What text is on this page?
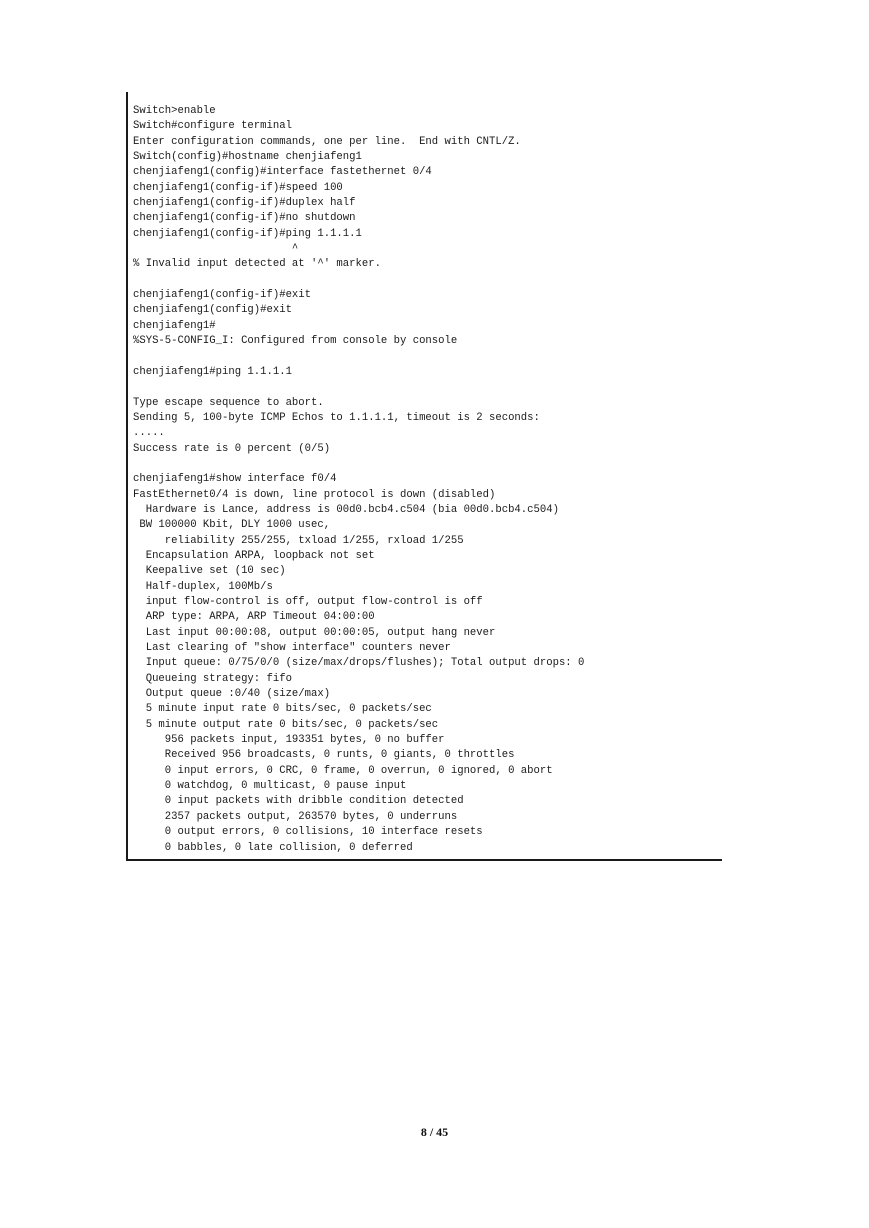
Switch>enable
Switch#configure terminal
Enter configuration commands, one per line.  End with CNTL/Z.
Switch(config)#hostname chenjiafeng1
chenjiafeng1(config)#interface fastethernet 0/4
chenjiafeng1(config-if)#speed 100
chenjiafeng1(config-if)#duplex half
chenjiafeng1(config-if)#no shutdown
chenjiafeng1(config-if)#ping 1.1.1.1
^
% Invalid input detected at '^' marker.
chenjiafeng1(config-if)#exit
chenjiafeng1(config)#exit
chenjiafeng1#
%SYS-5-CONFIG_I: Configured from console by console
chenjiafeng1#ping 1.1.1.1
Type escape sequence to abort.
Sending 5, 100-byte ICMP Echos to 1.1.1.1, timeout is 2 seconds:
.....
Success rate is 0 percent (0/5)
chenjiafeng1#show interface f0/4
FastEthernet0/4 is down, line protocol is down (disabled)
Hardware is Lance, address is 00d0.bcb4.c504 (bia 00d0.bcb4.c504)
BW 100000 Kbit, DLY 1000 usec,
reliability 255/255, txload 1/255, rxload 1/255
Encapsulation ARPA, loopback not set
Keepalive set (10 sec)
Half-duplex, 100Mb/s
input flow-control is off, output flow-control is off
ARP type: ARPA, ARP Timeout 04:00:00
Last input 00:00:08, output 00:00:05, output hang never
Last clearing of "show interface" counters never
Input queue: 0/75/0/0 (size/max/drops/flushes); Total output drops: 0
Queueing strategy: fifo
Output queue :0/40 (size/max)
5 minute input rate 0 bits/sec, 0 packets/sec
5 minute output rate 0 bits/sec, 0 packets/sec
956 packets input, 193351 bytes, 0 no buffer
Received 956 broadcasts, 0 runts, 0 giants, 0 throttles
0 input errors, 0 CRC, 0 frame, 0 overrun, 0 ignored, 0 abort
0 watchdog, 0 multicast, 0 pause input
0 input packets with dribble condition detected
2357 packets output, 263570 bytes, 0 underruns
0 output errors, 0 collisions, 10 interface resets
0 babbles, 0 late collision, 0 deferred
8 / 45
